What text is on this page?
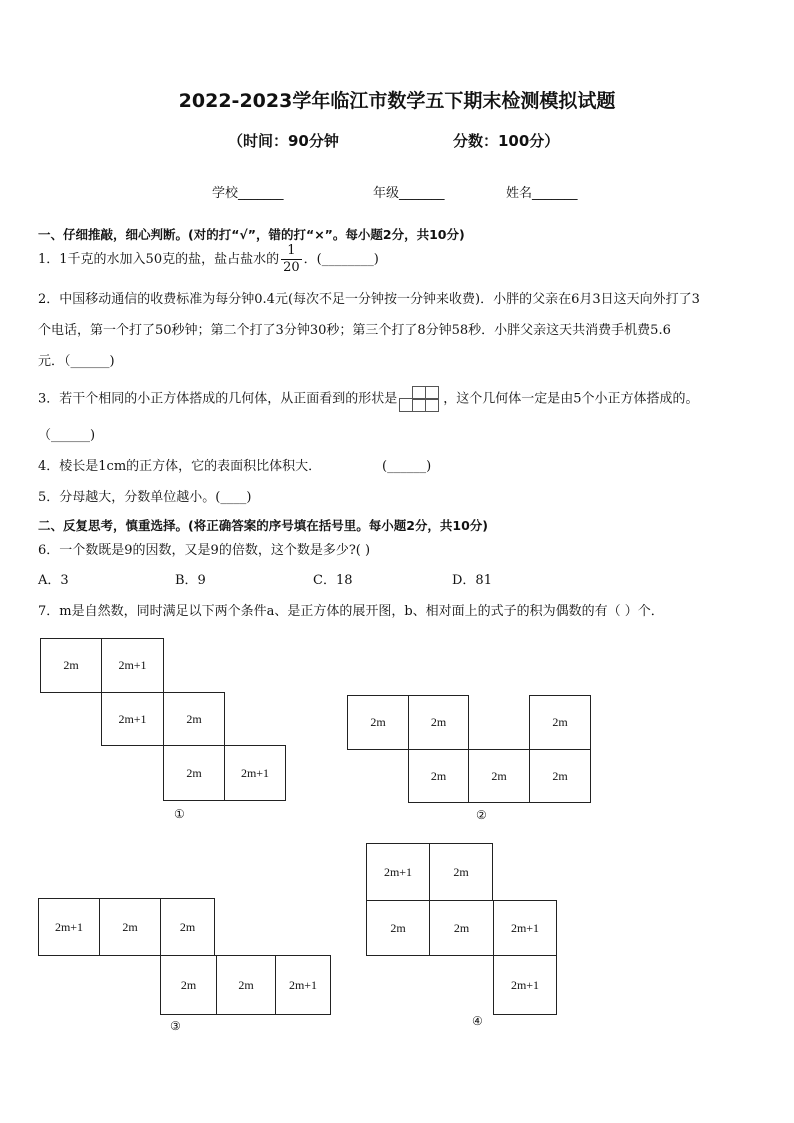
2022-2023学年临江市数学五下期末检测模拟试题
（时间：90分钟	分数：100分）
学校_______	年级_______	姓名_______
一、仔细推敲，细心判断。(对的打“√”，错的打“×”。每小题2分，共10分)
1．1千克的水加入50克的盐，盐占盐水的 $\frac{1}{20}$ ．(________)
2．中国移动通信的收费标准为每分钟0.4元(每次不足一分钟按一分钟来收费)．小胖的父亲在6月3日这天向外打了3
个电话，第一个打了50秒钟；第二个打了3分钟30秒；第三个打了8分钟58秒．小胖父亲这天共消费手机费5.6
元．（______)
3．若干个相同的小正方体搭成的几何体，从正面看到的形状是	，这个几何体一定是由5个小正方体搭成的。
（______)
4．棱长是1cm的正方体，它的表面积比体积大．	(______)
5．分母越大，分数单位越小。(____)
二、反复思考，慎重选择。(将正确答案的序号填在括号里。每小题2分，共10分)
6．一个数既是9的因数，又是9的倍数，这个数是多少?( )
A．3	B．9	C．18	D．81
7．m是自然数，同时满足以下两个条件a、是正方体的展开图，b、相对面上的式子的积为偶数的有（ ）个．
2m	2m+1
2m+1	2m
2m	2m+1
①
2m	2m	2m
2m	2m	2m
②
2m+1	2m	2m
2m	2m	2m+1
③
2m+1	2m
2m	2m	2m+1
2m+1
④
